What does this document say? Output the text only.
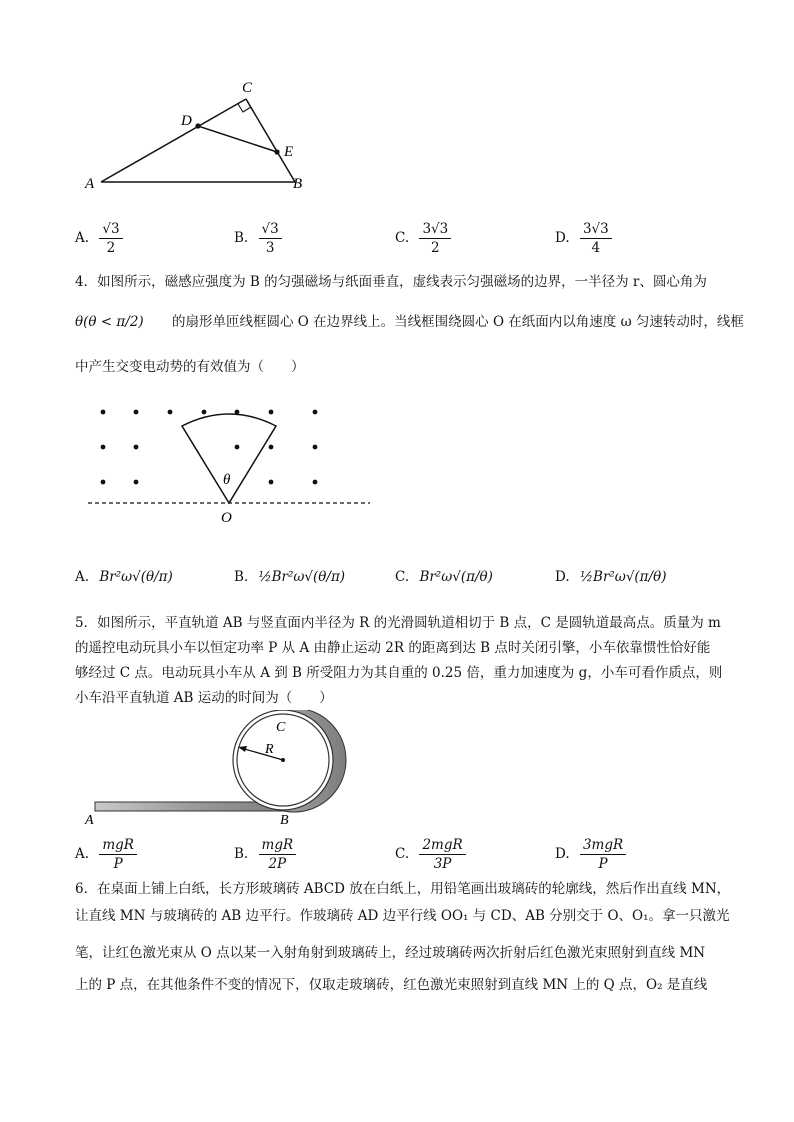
C
D
E
A	B
A. $\frac{√3}{2}$	B. $\frac{√3}{3}$	C. $\frac{3√3}{2}$	D. $\frac{3√3}{4}$
4．如图所示，磁感应强度为 B 的匀强磁场与纸面垂直，虚线表示匀强磁场的边界，一半径为 r、圆心角为
θ(θ < π/2) 的扇形单匝线框圆心 O 在边界线上。当线框围绕圆心 O 在纸面内以角速度 ω 匀速转动时，线框
中产生交变电动势的有效值为（　　）
θ
O
A. Br²ω√(θ/π)	B. ½Br²ω√(θ/π)	C. Br²ω√(π/θ)	D. ½Br²ω√(π/θ)
5．如图所示，平直轨道 AB 与竖直面内半径为 R 的光滑圆轨道相切于 B 点，C 是圆轨道最高点。质量为 m
的遥控电动玩具小车以恒定功率 P 从 A 由静止运动 2R 的距离到达 B 点时关闭引擎，小车依靠惯性恰好能
够经过 C 点。电动玩具小车从 A 到 B 所受阻力为其自重的 0.25 倍，重力加速度为 g，小车可看作质点，则
小车沿平直轨道 AB 运动的时间为（　　）
C
R
A	B
A. $\frac{\text{mgR}}{P}$	B. $\frac{\text{mgR}}{2P}$	C. $\frac{\text{2mgR}}{3P}$	D. $\frac{\text{3mgR}}{P}$
6．在桌面上铺上白纸，长方形玻璃砖 ABCD 放在白纸上，用铅笔画出玻璃砖的轮廓线，然后作出直线 MN，
让直线 MN 与玻璃砖的 AB 边平行。作玻璃砖 AD 边平行线 OO₁ 与 CD、AB 分别交于 O、O₁。拿一只激光
笔，让红色激光束从 O 点以某一入射角射到玻璃砖上，经过玻璃砖两次折射后红色激光束照射到直线 MN
上的 P 点，在其他条件不变的情况下，仅取走玻璃砖，红色激光束照射到直线 MN 上的 Q 点，O₂ 是直线
